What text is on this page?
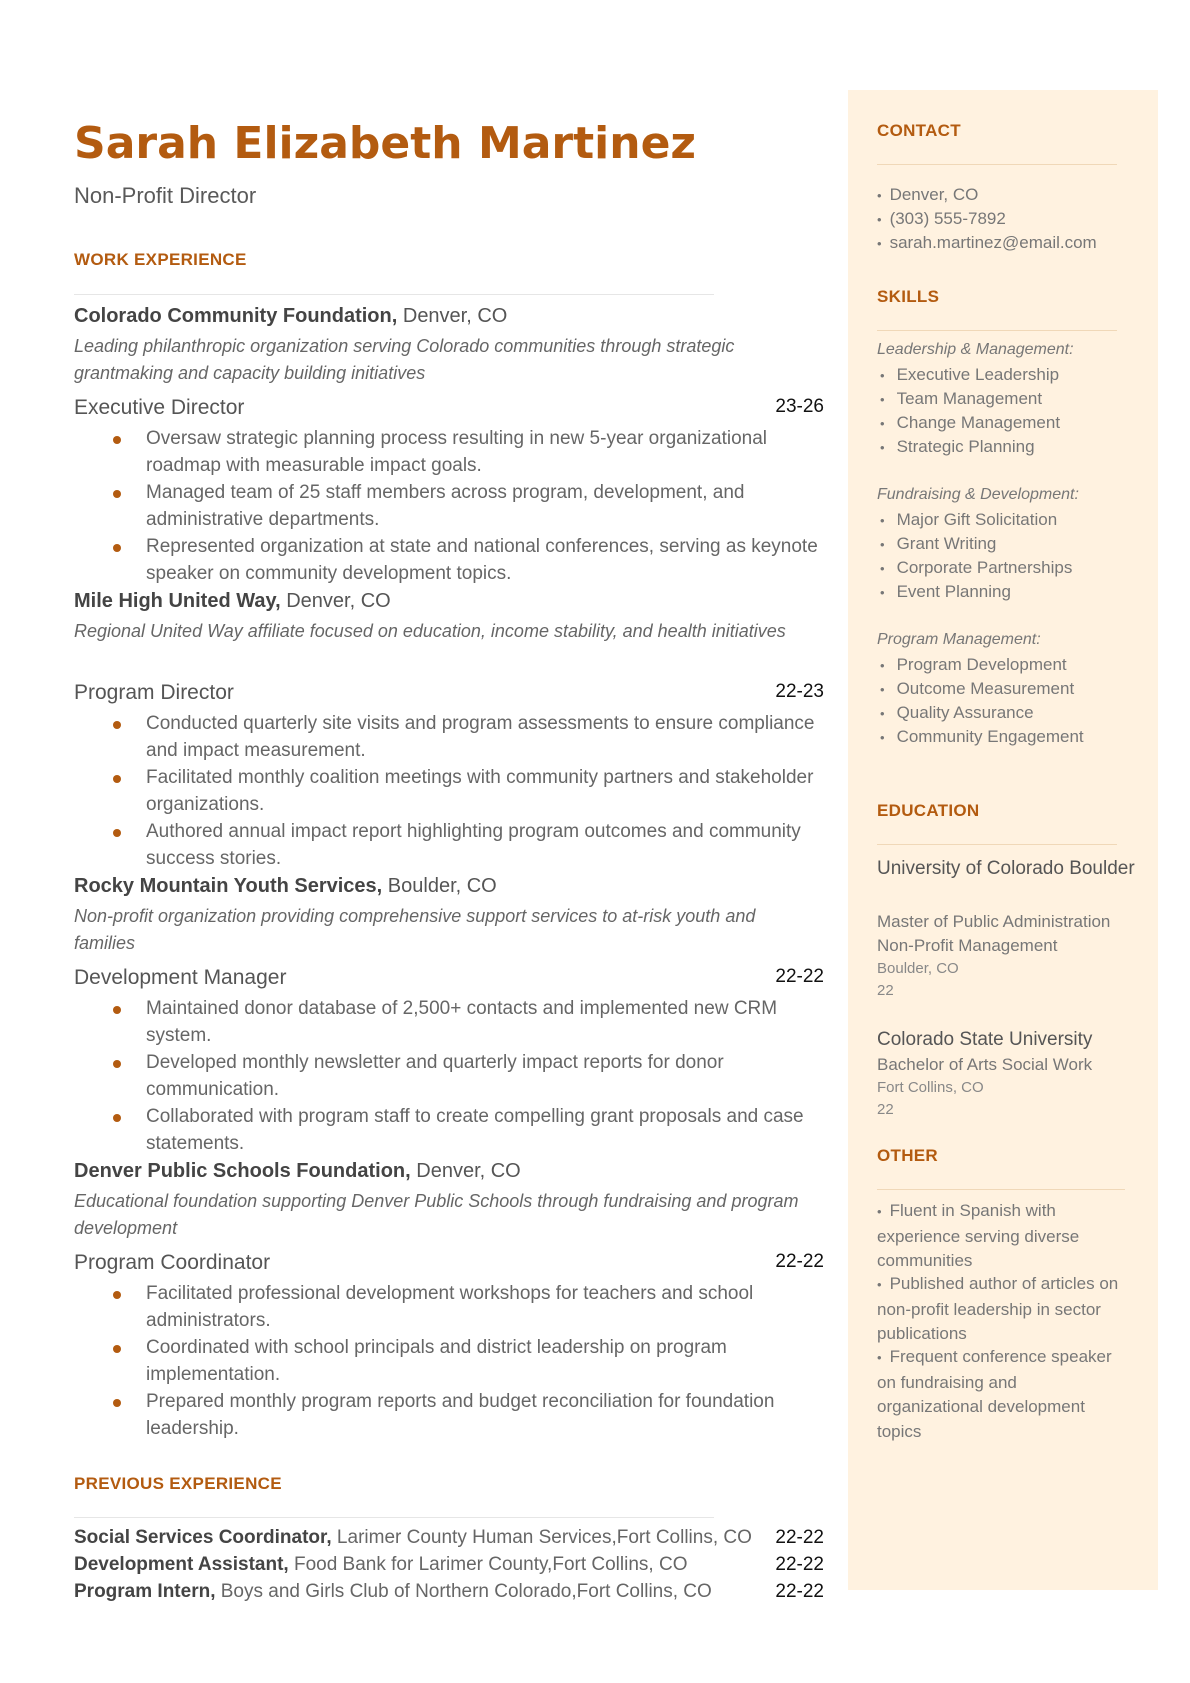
Sarah Elizabeth Martinez
Non-Profit Director
WORK EXPERIENCE
Colorado Community Foundation, Denver, CO
Leading philanthropic organization serving Colorado communities through strategic grantmaking and capacity building initiatives
Executive Director	23-26
Oversaw strategic planning process resulting in new 5-year organizational roadmap with measurable impact goals.
Managed team of 25 staff members across program, development, and administrative departments.
Represented organization at state and national conferences, serving as keynote speaker on community development topics.
Mile High United Way, Denver, CO
Regional United Way affiliate focused on education, income stability, and health initiatives
Program Director	22-23
Conducted quarterly site visits and program assessments to ensure compliance and impact measurement.
Facilitated monthly coalition meetings with community partners and stakeholder organizations.
Authored annual impact report highlighting program outcomes and community success stories.
Rocky Mountain Youth Services, Boulder, CO
Non-profit organization providing comprehensive support services to at-risk youth and families
Development Manager	22-22
Maintained donor database of 2,500+ contacts and implemented new CRM system.
Developed monthly newsletter and quarterly impact reports for donor communication.
Collaborated with program staff to create compelling grant proposals and case statements.
Denver Public Schools Foundation, Denver, CO
Educational foundation supporting Denver Public Schools through fundraising and program development
Program Coordinator	22-22
Facilitated professional development workshops for teachers and school administrators.
Coordinated with school principals and district leadership on program implementation.
Prepared monthly program reports and budget reconciliation for foundation leadership.
PREVIOUS EXPERIENCE
Social Services Coordinator, Larimer County Human Services,Fort Collins, CO 22-22
Development Assistant, Food Bank for Larimer County,Fort Collins, CO	22-22
Program Intern, Boys and Girls Club of Northern Colorado,Fort Collins, CO	22-22
CONTACT
• Denver, CO
• (303) 555-7892
• sarah.martinez@email.com
SKILLS
Leadership & Management:
• Executive Leadership
• Team Management
• Change Management
• Strategic Planning
Fundraising & Development:
• Major Gift Solicitation
• Grant Writing
• Corporate Partnerships
• Event Planning
Program Management:
• Program Development
• Outcome Measurement
• Quality Assurance
• Community Engagement
EDUCATION
University of Colorado Boulder
Master of Public Administration
Non-Profit Management
Boulder, CO
22
Colorado State University
Bachelor of Arts Social Work
Fort Collins, CO
22
OTHER
• Fluent in Spanish with experience serving diverse communities
• Published author of articles on non-profit leadership in sector publications
• Frequent conference speaker on fundraising and organizational development topics
